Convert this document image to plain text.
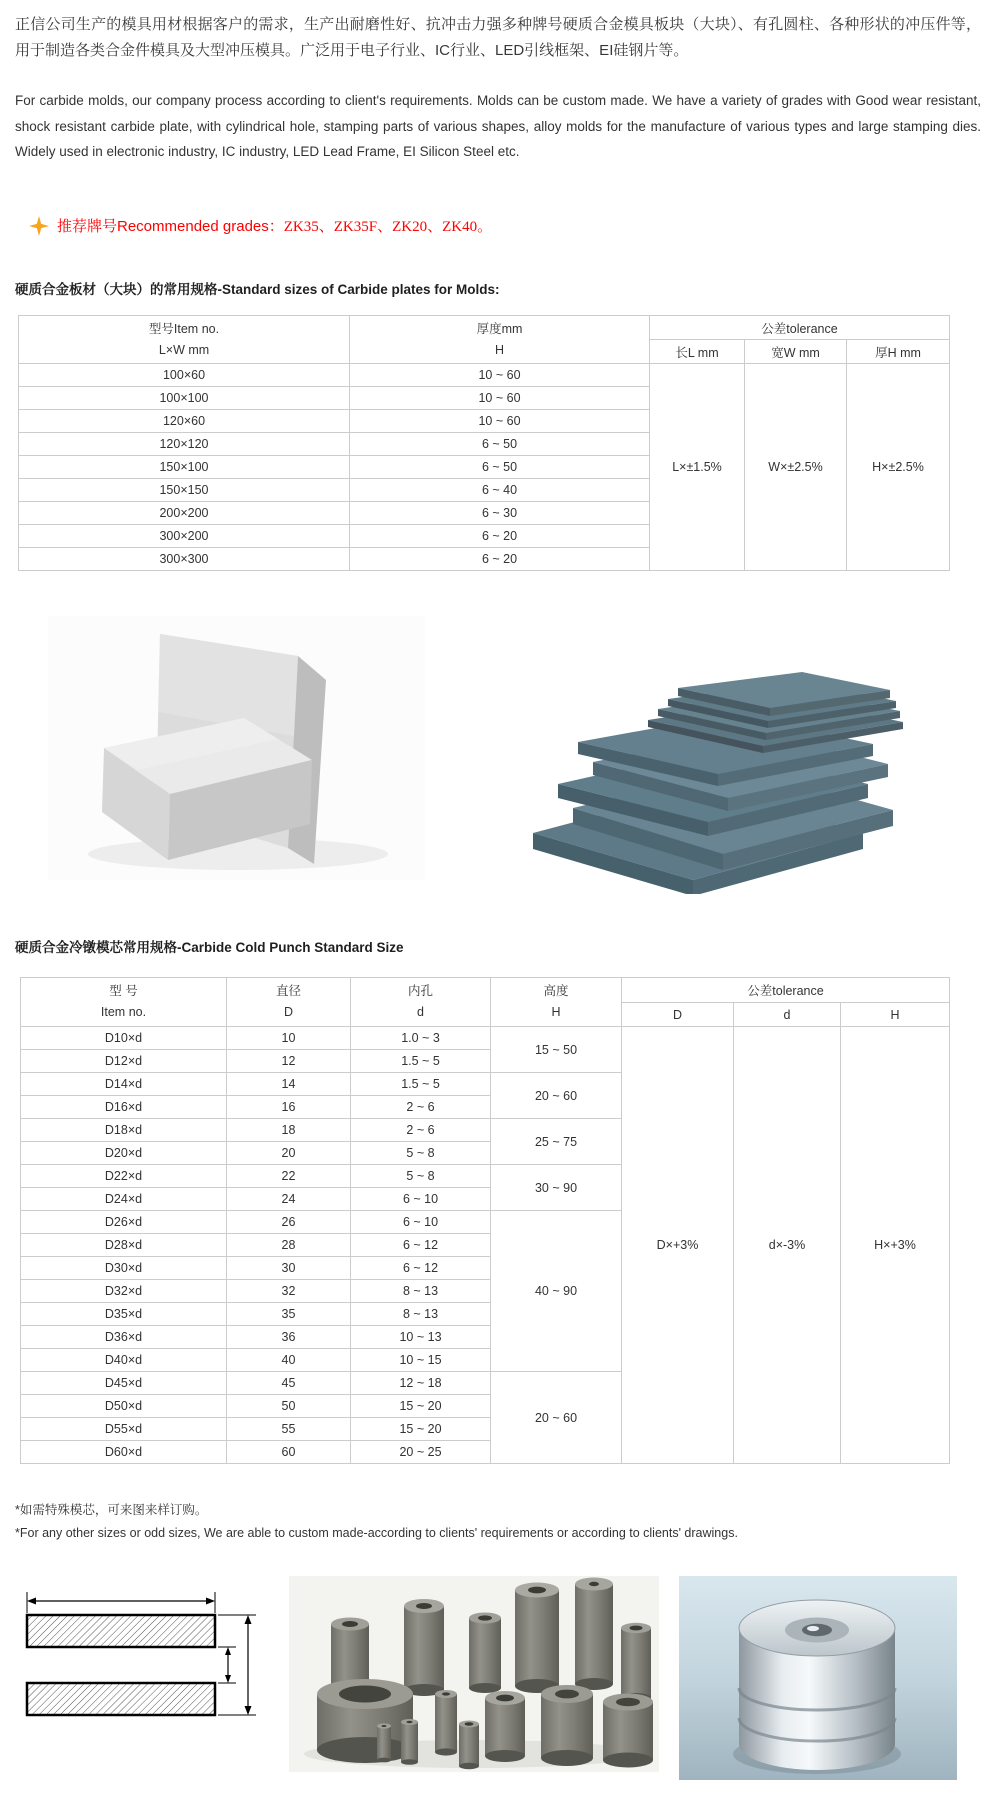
正信公司生产的模具用材根据客户的需求，生产出耐磨性好、抗冲击力强多种牌号硬质合金模具板块（大块）、有孔圆柱、各种形状的冲压件等，用于制造各类合金件模具及大型冲压模具。广泛用于电子行业、IC行业、LED引线框架、EI硅钢片等。

For carbide molds, our company process according to client's requirements. Molds can be custom made. We have a variety of grades with Good wear resistant, shock resistant carbide plate, with cylindrical hole, stamping parts of various shapes, alloy molds for the manufacture of various types and large stamping dies. Widely used in electronic industry, IC industry, LED Lead Frame, EI Silicon Steel etc.

推荐牌号Recommended grades： ZK35、ZK35F、ZK20、ZK40。
硬质合金板材（大块）的常用规格-Standard sizes of Carbide plates for Molds:
型号Item no.
L×W mm

厚度mm
H
	公差tolerance
		长L mm	宽W mm	厚H mm
100×60	10 ~ 60	L×±1.5%	W×±2.5%	H×±2.5%
100×100	10 ~ 60			
120×60	10 ~ 60			
120×120	6 ~ 50			
150×100	6 ~ 50			
150×150	6 ~ 40			
200×200	6 ~ 30			
300×200	6 ~ 20			
300×300	6 ~ 20			
硬质合金冷镦模芯常用规格-Carbide Cold Punch Standard Size
型 号
Item no.

直径
D

内孔
d

高度
H
	公差tolerance
				D	d	H
D10×d	10	1.0 ~ 3	15 ~ 50	D×+3%	d×-3%	H×+3%
D12×d	12	1.5 ~ 5				
D14×d	14	1.5 ~ 5	20 ~ 60			
D16×d	16	2 ~ 6				
D18×d	18	2 ~ 6	25 ~ 75			
D20×d	20	5 ~ 8				
D22×d	22	5 ~ 8	30 ~ 90			
D24×d	24	6 ~ 10				
D26×d	26	6 ~ 10	40 ~ 90			
D28×d	28	6 ~ 12				
D30×d	30	6 ~ 12				
D32×d	32	8 ~ 13				
D35×d	35	8 ~ 13				
D36×d	36	10 ~ 13				
D40×d	40	10 ~ 15				
D45×d	45	12 ~ 18	20 ~ 60			
D50×d	50	15 ~ 20				
D55×d	55	15 ~ 20				
D60×d	60	20 ~ 25				

*如需特殊模芯，可来图来样订购。

*For any other sizes or odd sizes, We are able to custom made-according to clients' requirements or according to clients' drawings.
